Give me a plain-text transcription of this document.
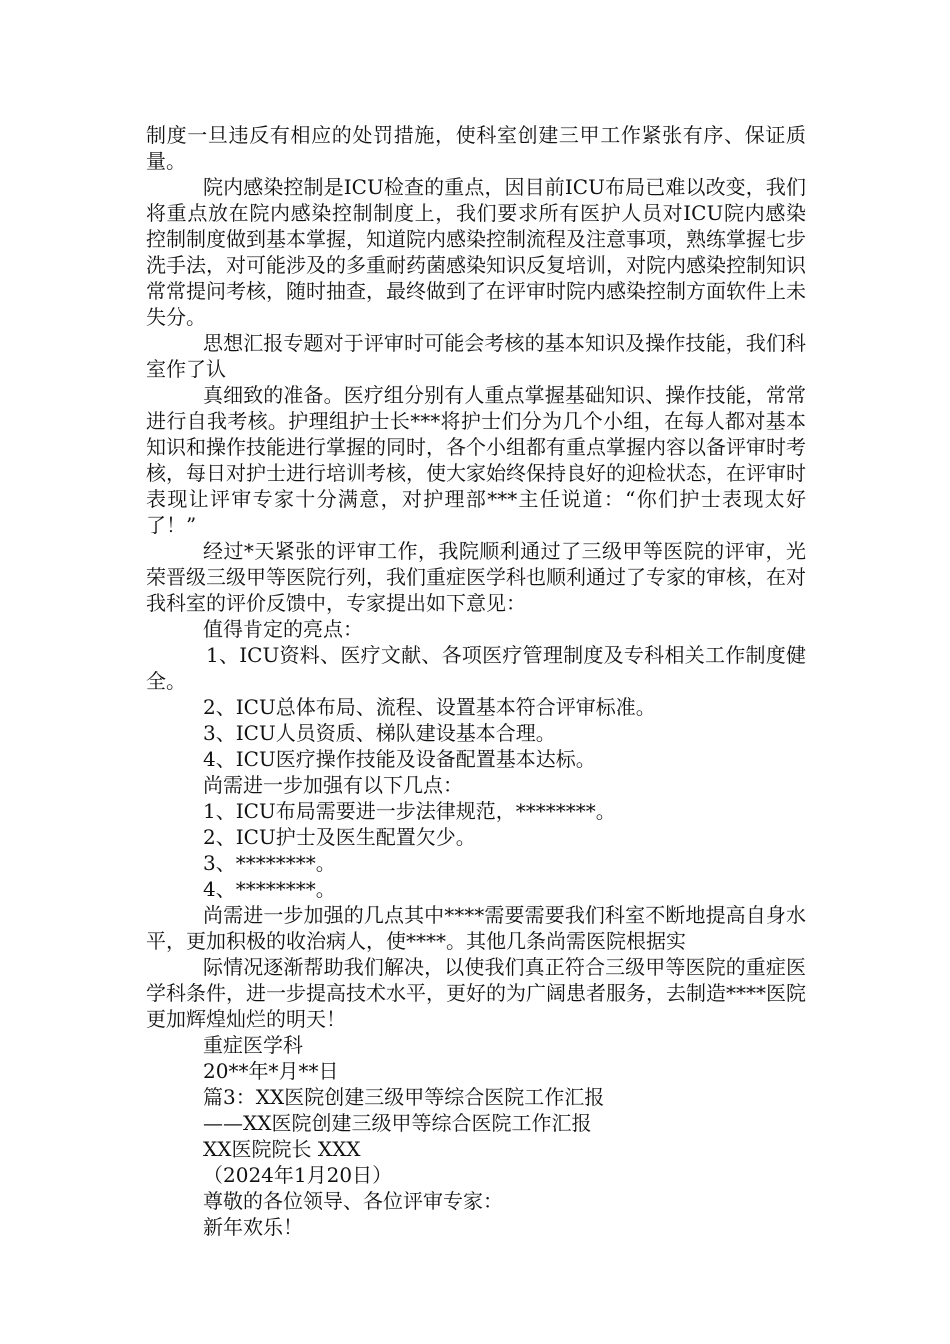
制度一旦违反有相应的处罚措施，使科室创建三甲工作紧张有序、保证质量。

院内感染控制是ICU检查的重点，因目前ICU布局已难以改变，我们将重点放在院内感染控制制度上，我们要求所有医护人员对ICU院内感染控制制度做到基本掌握，知道院内感染控制流程及注意事项，熟练掌握七步洗手法，对可能涉及的多重耐药菌感染知识反复培训，对院内感染控制知识常常提问考核，随时抽查，最终做到了在评审时院内感染控制方面软件上未失分。

思想汇报专题对于评审时可能会考核的基本知识及操作技能，我们科室作了认

真细致的准备。医疗组分别有人重点掌握基础知识、操作技能，常常进行自我考核。护理组护士长***将护士们分为几个小组，在每人都对基本知识和操作技能进行掌握的同时，各个小组都有重点掌握内容以备评审时考核，每日对护士进行培训考核，使大家始终保持良好的迎检状态，在评审时表现让评审专家十分满意，对护理部***主任说道：“你们护士表现太好了！”

经过*天紧张的评审工作，我院顺利通过了三级甲等医院的评审，光荣晋级三级甲等医院行列，我们重症医学科也顺利通过了专家的审核，在对我科室的评价反馈中，专家提出如下意见：

值得肯定的亮点：

1、ICU资料、医疗文献、各项医疗管理制度及专科相关工作制度健全。

2、ICU总体布局、流程、设置基本符合评审标准。

3、ICU人员资质、梯队建设基本合理。

4、ICU医疗操作技能及设备配置基本达标。

尚需进一步加强有以下几点：

1、ICU布局需要进一步法律规范，********。

2、ICU护士及医生配置欠少。

3、********。

4、********。

尚需进一步加强的几点其中****需要需要我们科室不断地提高自身水平，更加积极的收治病人，使****。其他几条尚需医院根据实

际情况逐渐帮助我们解决，以使我们真正符合三级甲等医院的重症医学科条件，进一步提高技术水平，更好的为广阔患者服务，去制造****医院更加辉煌灿烂的明天！

重症医学科

20**年*月**日

篇3：XX医院创建三级甲等综合医院工作汇报

——XX医院创建三级甲等综合医院工作汇报

XX医院院长 XXX

（2024年1月20日）

尊敬的各位领导、各位评审专家：

新年欢乐！
